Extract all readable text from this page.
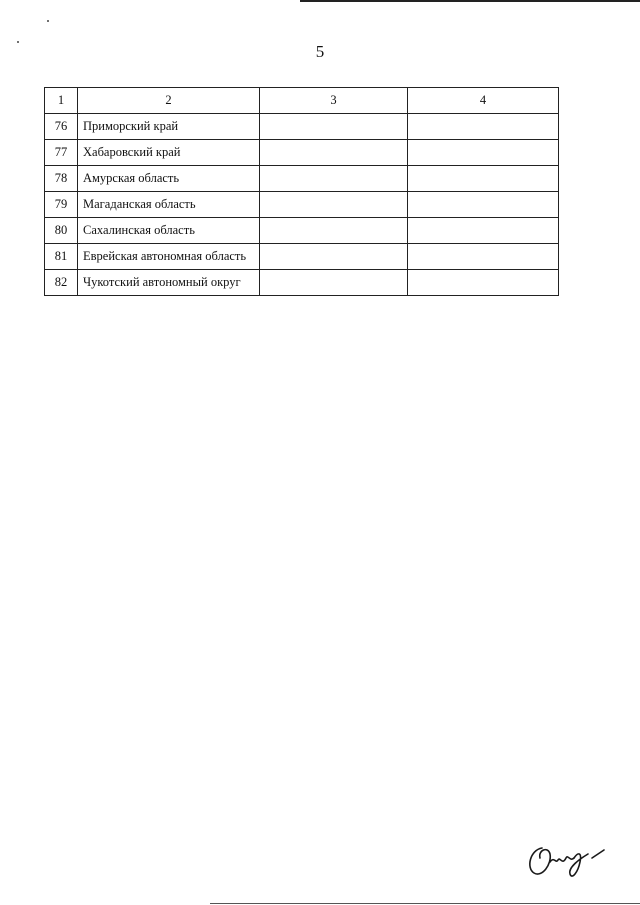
5
1	2	3	4
76	Приморский край		
77	Хабаровский край		
78	Амурская область		
79	Магаданская область		
80	Сахалинская область		
81	Еврейская автономная область		
82	Чукотский автономный округ		
